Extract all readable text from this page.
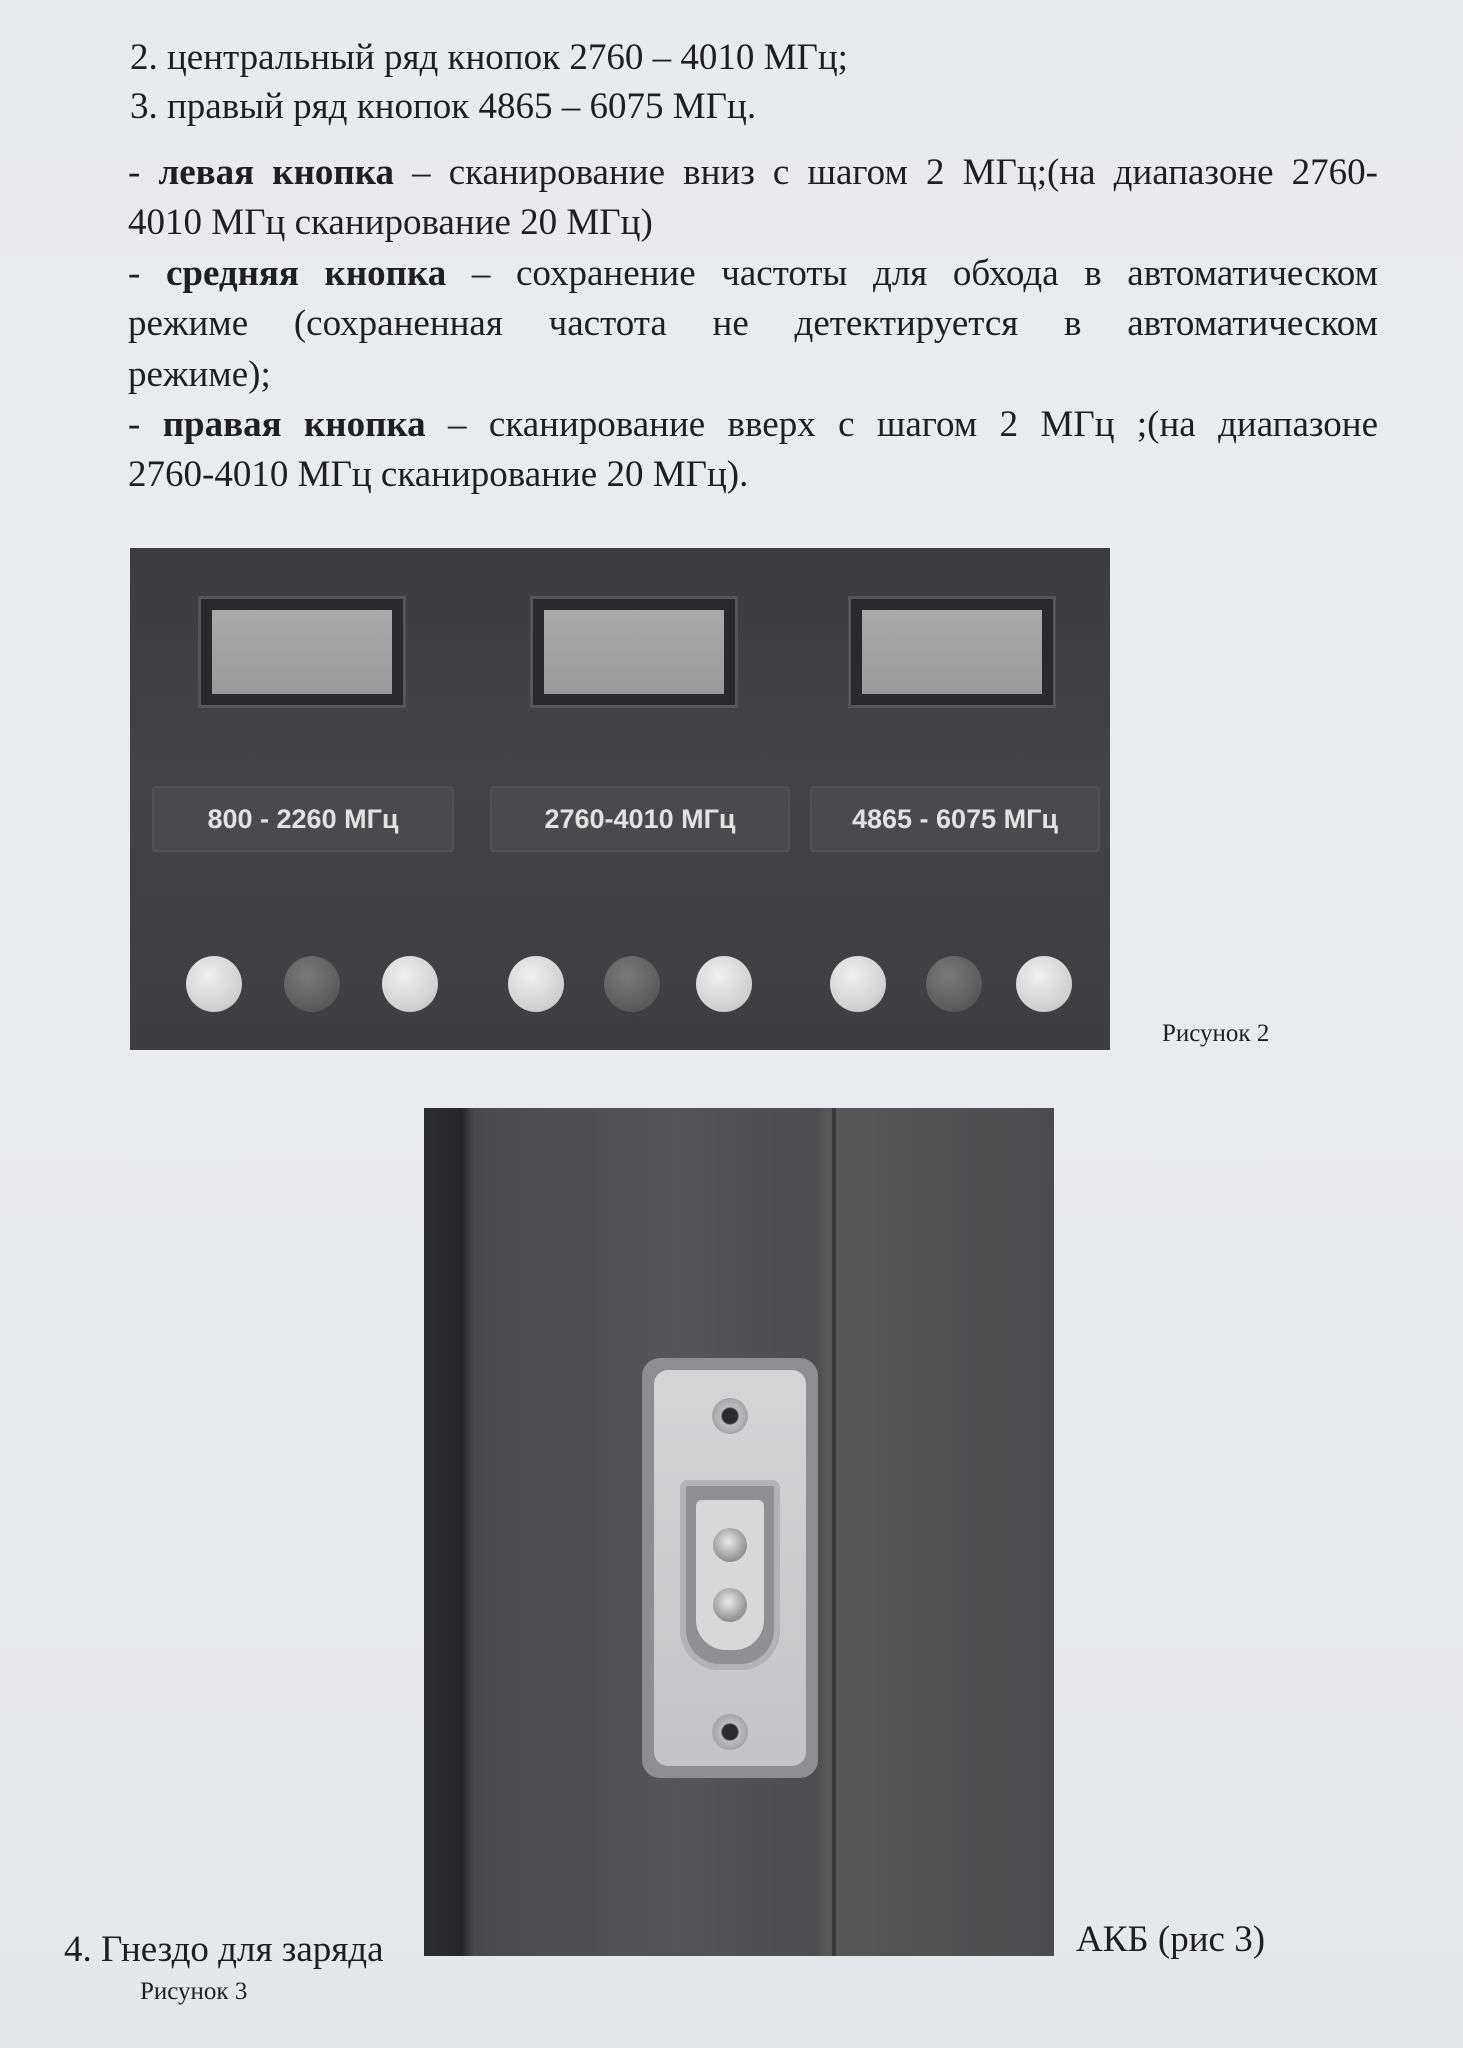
2. центральный ряд кнопок 2760 – 4010 МГц;
3. правый ряд кнопок 4865 – 6075 МГц.
- левая кнопка – сканирование вниз с шагом 2 МГц;(на диапазоне 2760-
4010 МГц сканирование 20 МГц)
- средняя кнопка – сохранение частоты для обхода в автоматическом
режиме (сохраненная частота не детектируется в автоматическом
режиме);
- правая кнопка – сканирование вверх с шагом 2 МГц ;(на диапазоне
2760-4010 МГц сканирование 20 МГц).
800 - 2260 МГц	2760-4010 МГц	4865 - 6075 МГц
Рисунок 2
4. Гнездо для заряда	АКБ (рис 3)
Рисунок 3
